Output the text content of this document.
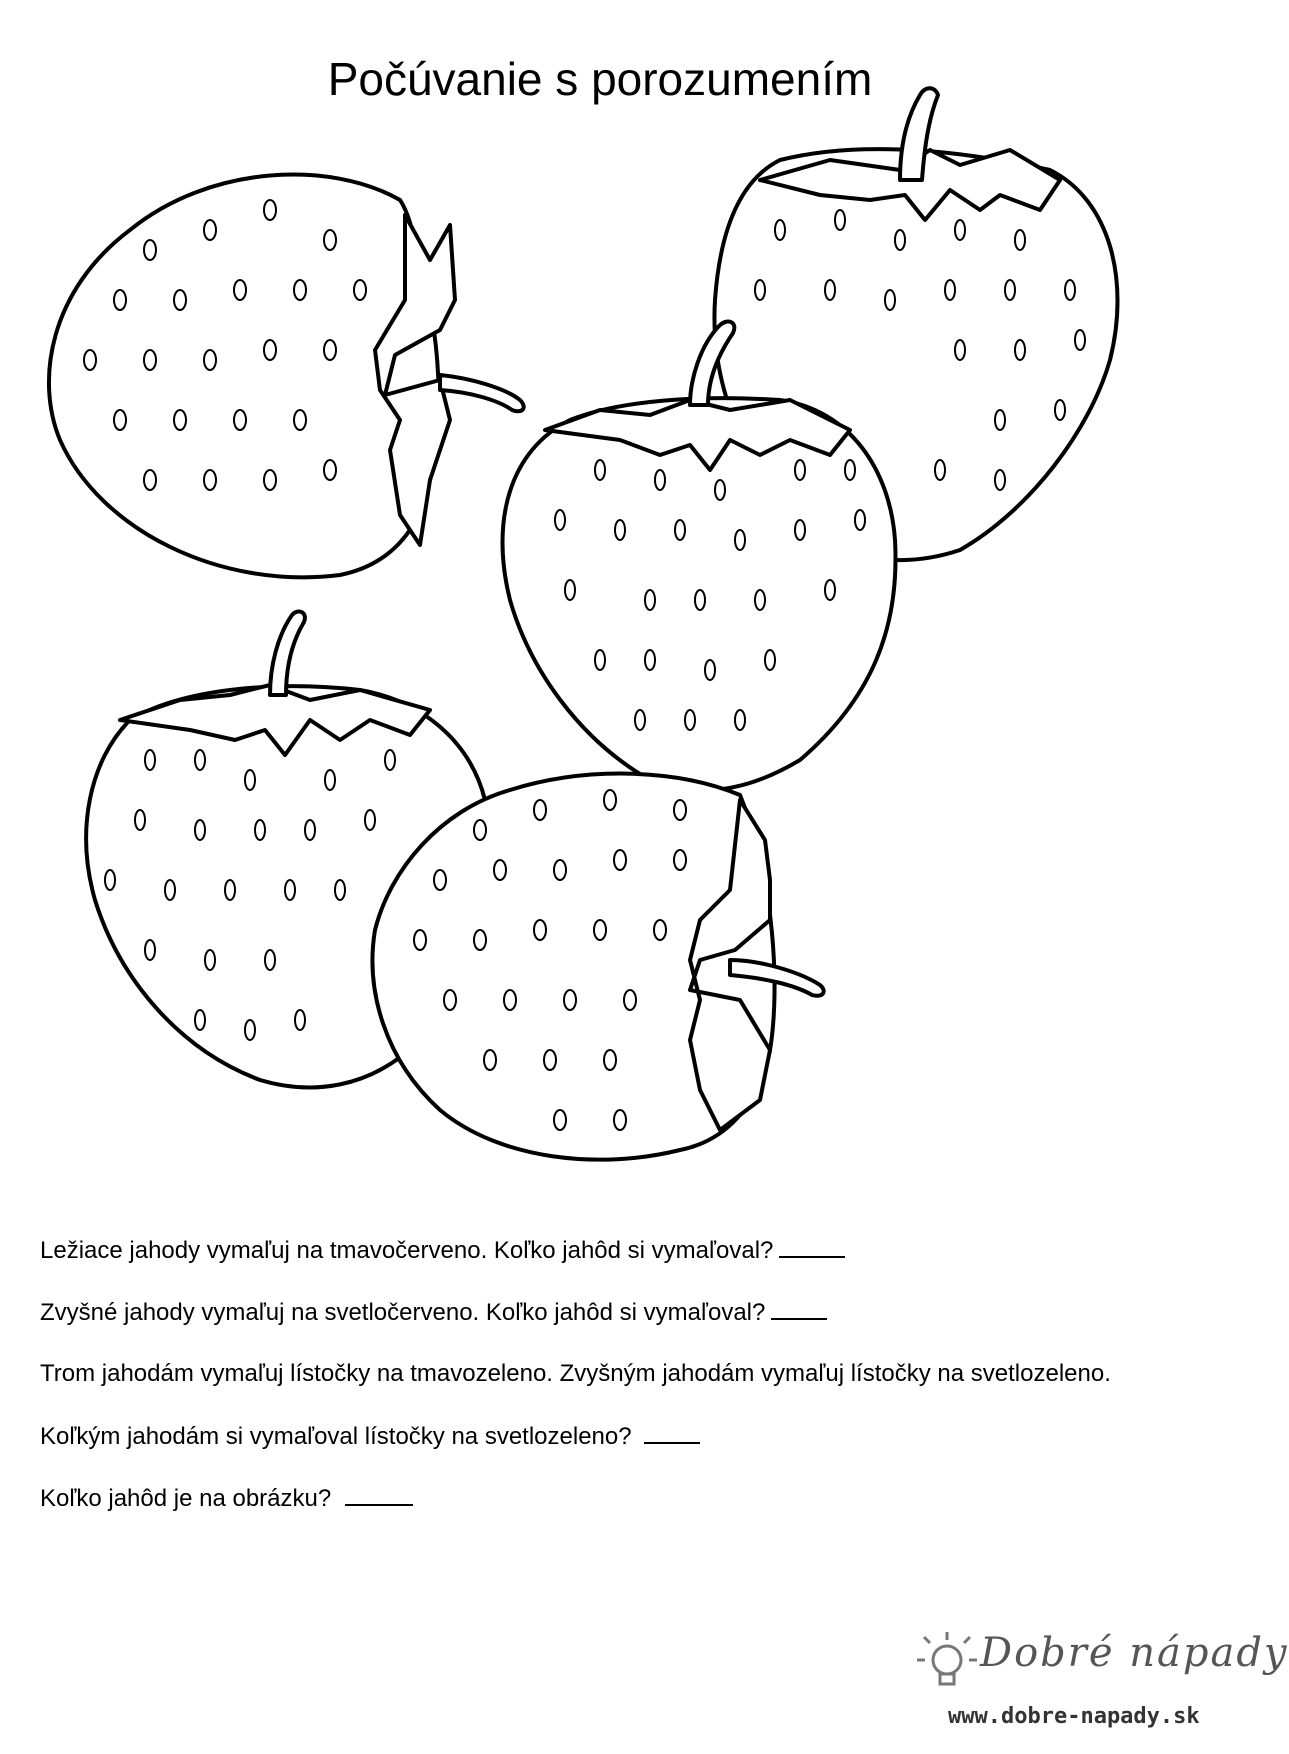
Počúvanie s porozumením
Ležiace jahody vymaľuj na tmavočerveno. Koľko jahôd si vymaľoval?
Zvyšné jahody vymaľuj na svetločerveno. Koľko jahôd si vymaľoval?
Trom jahodám vymaľuj lístočky na tmavozeleno. Zvyšným jahodám vymaľuj lístočky na svetlozeleno.
Koľkým jahodám si vymaľoval lístočky na svetlozeleno?
Koľko jahôd je na obrázku?
Dobré nápady
www.dobre-napady.sk
